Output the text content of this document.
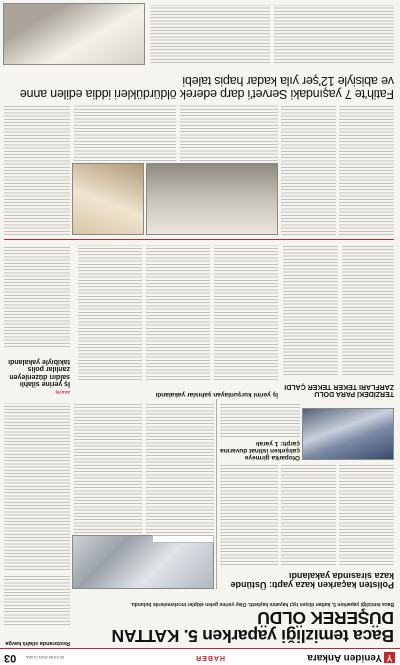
YYeniden Ankara
HABER
20 EKİM 2023 CUMA
03
Baca temizliği yaparken 5. KATTAN DÜŞEREK ÖLDÜ
Baca temizliği yaparken 5. kattan düşen işçi hayatını kaybetti. Olay yerine gelen ekipler incelemelerde bulundu.
Restoranda silahlı kavga
Polisten kaçarken kaza yaptı: Üstünde kaza sirasında yakalandı
Otoparka girmeye çalışırken istinat duvarına çarptı: 1 yaralı
TERZİDEKİ PARA DOLU ZARFLARI TEKER TEKER ÇALDI
İş yerini kurşunlayan şahıslar yakalandı
ASAYİŞ
İş yerine silahlı saldırı düzenleyen zanlılar polis takibiyle yakalandı
Fatih'te 7 yaşındaki Servet'i darp ederek öldürdükleri iddia edilen anne ve abisiyle 12'şer yıla kadar hapis talebi
